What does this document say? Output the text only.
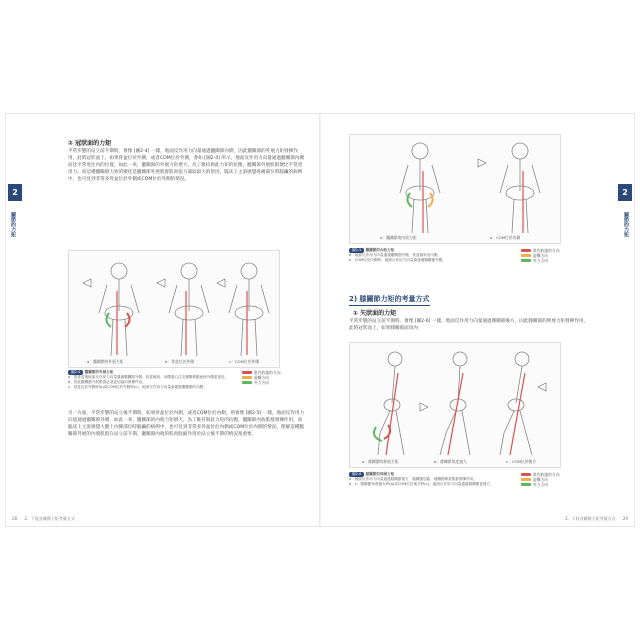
2
關節的力矩
② 冠狀面的力矩
平常步態的站立前半期時，會像 [圖2-4] 一樣，地面反作用力向量通過髖關節內側，因此髖關節的外展力矩發揮作用，此時冠狀面上，如果骨盆位於外側，或者COM位於外側，會如 [圖2-4] 所示，地面反作用力向量通過髖關節內側而比平常更往內的位置，如此一來，髖關節的外展力矩增大，為了維持與此力矩的抗衡，髖關節外展肌群便比平常更用力。而這種髖關節力矩的變化是髖關節外展肌群肌肉張力減弱最大的原因，臨床上主訴感覺疼痛部位時腦繭的病例中，也可見到非常多骨盆位於外側或COM位於外側的情況。
a：髖關節的外展力矩	b：骨盆位於外側	c：COM位於外側
圖2-4 髖關節的外展力矩
a：從骨盆與地面反作用力向量通過髖關節外側，骨盆傾斜，身體重心往支撐側移動而使外側更靠近。
b：因此髖關節外展肌群必須更加協同發揮作用。
c：骨盆位於外側時(b)或COM位於外側時(c)，地面反作用力向量會通過髖關節的內側。
肌肉收縮的方向
旋轉方向
外力方向
另一方面，平常步態的站立後半期時，如果骨盆位於內側，或者COM位於內側，則會像 [圖2-5] 一樣，地面反作用力向量通過髖關節外側，如此一來，髖關節的內收力矩增大，為了維持與此力矩的抗衡，髖關節內收肌群發揮作用，而臨床上主訴感覺大腿上內側部位時腦繭的病例中，也可見到非常多骨盆位於內側或COM位於內側的情況，理解這種髖關節外展的內收肌群在站立前半期，髖關節內收的肌肉收縮作用於站立後半期的情況很重要。
28 2．下肢各關節力矩考量方式
2
關節的力矩
d：髖關節的內收力矩	e：COM位於內側
圖2-5 髖關節的內收力矩
d：地面反作用力向量通過髖關節外側，骨盆傾斜至內側。
e：COM位於內側時，地面反作用力向量會通過髖關節外側。
肌肉收縮的方向
旋轉方向
外力方向
2) 膝關節力矩的考量方式
① 矢狀面的力矩
平常步態的站立前半期時，會像 [圖2-6] 一樣，地面反作用力向量通過膝關節後方，因此膝關節的伸展力矩發揮作用，此時冠狀面上，如果膝關節面角內
a：膝關節的伸展力矩	b：膝關節角度過大	c：COM位於後方
圖2-6 膝關節的伸展力矩
a：地面反作用力向量通過膝關節後方，膝關節屈曲，膝關節伸展肌群發揮作用。
b、c：膝關節角度過大時(b)或COM位於後方時(c)，地面反作用力向量通過膝關節更後方。
肌肉收縮的方向
旋轉方向
外力方向
2．下肢各關節力矩考量方式 29
